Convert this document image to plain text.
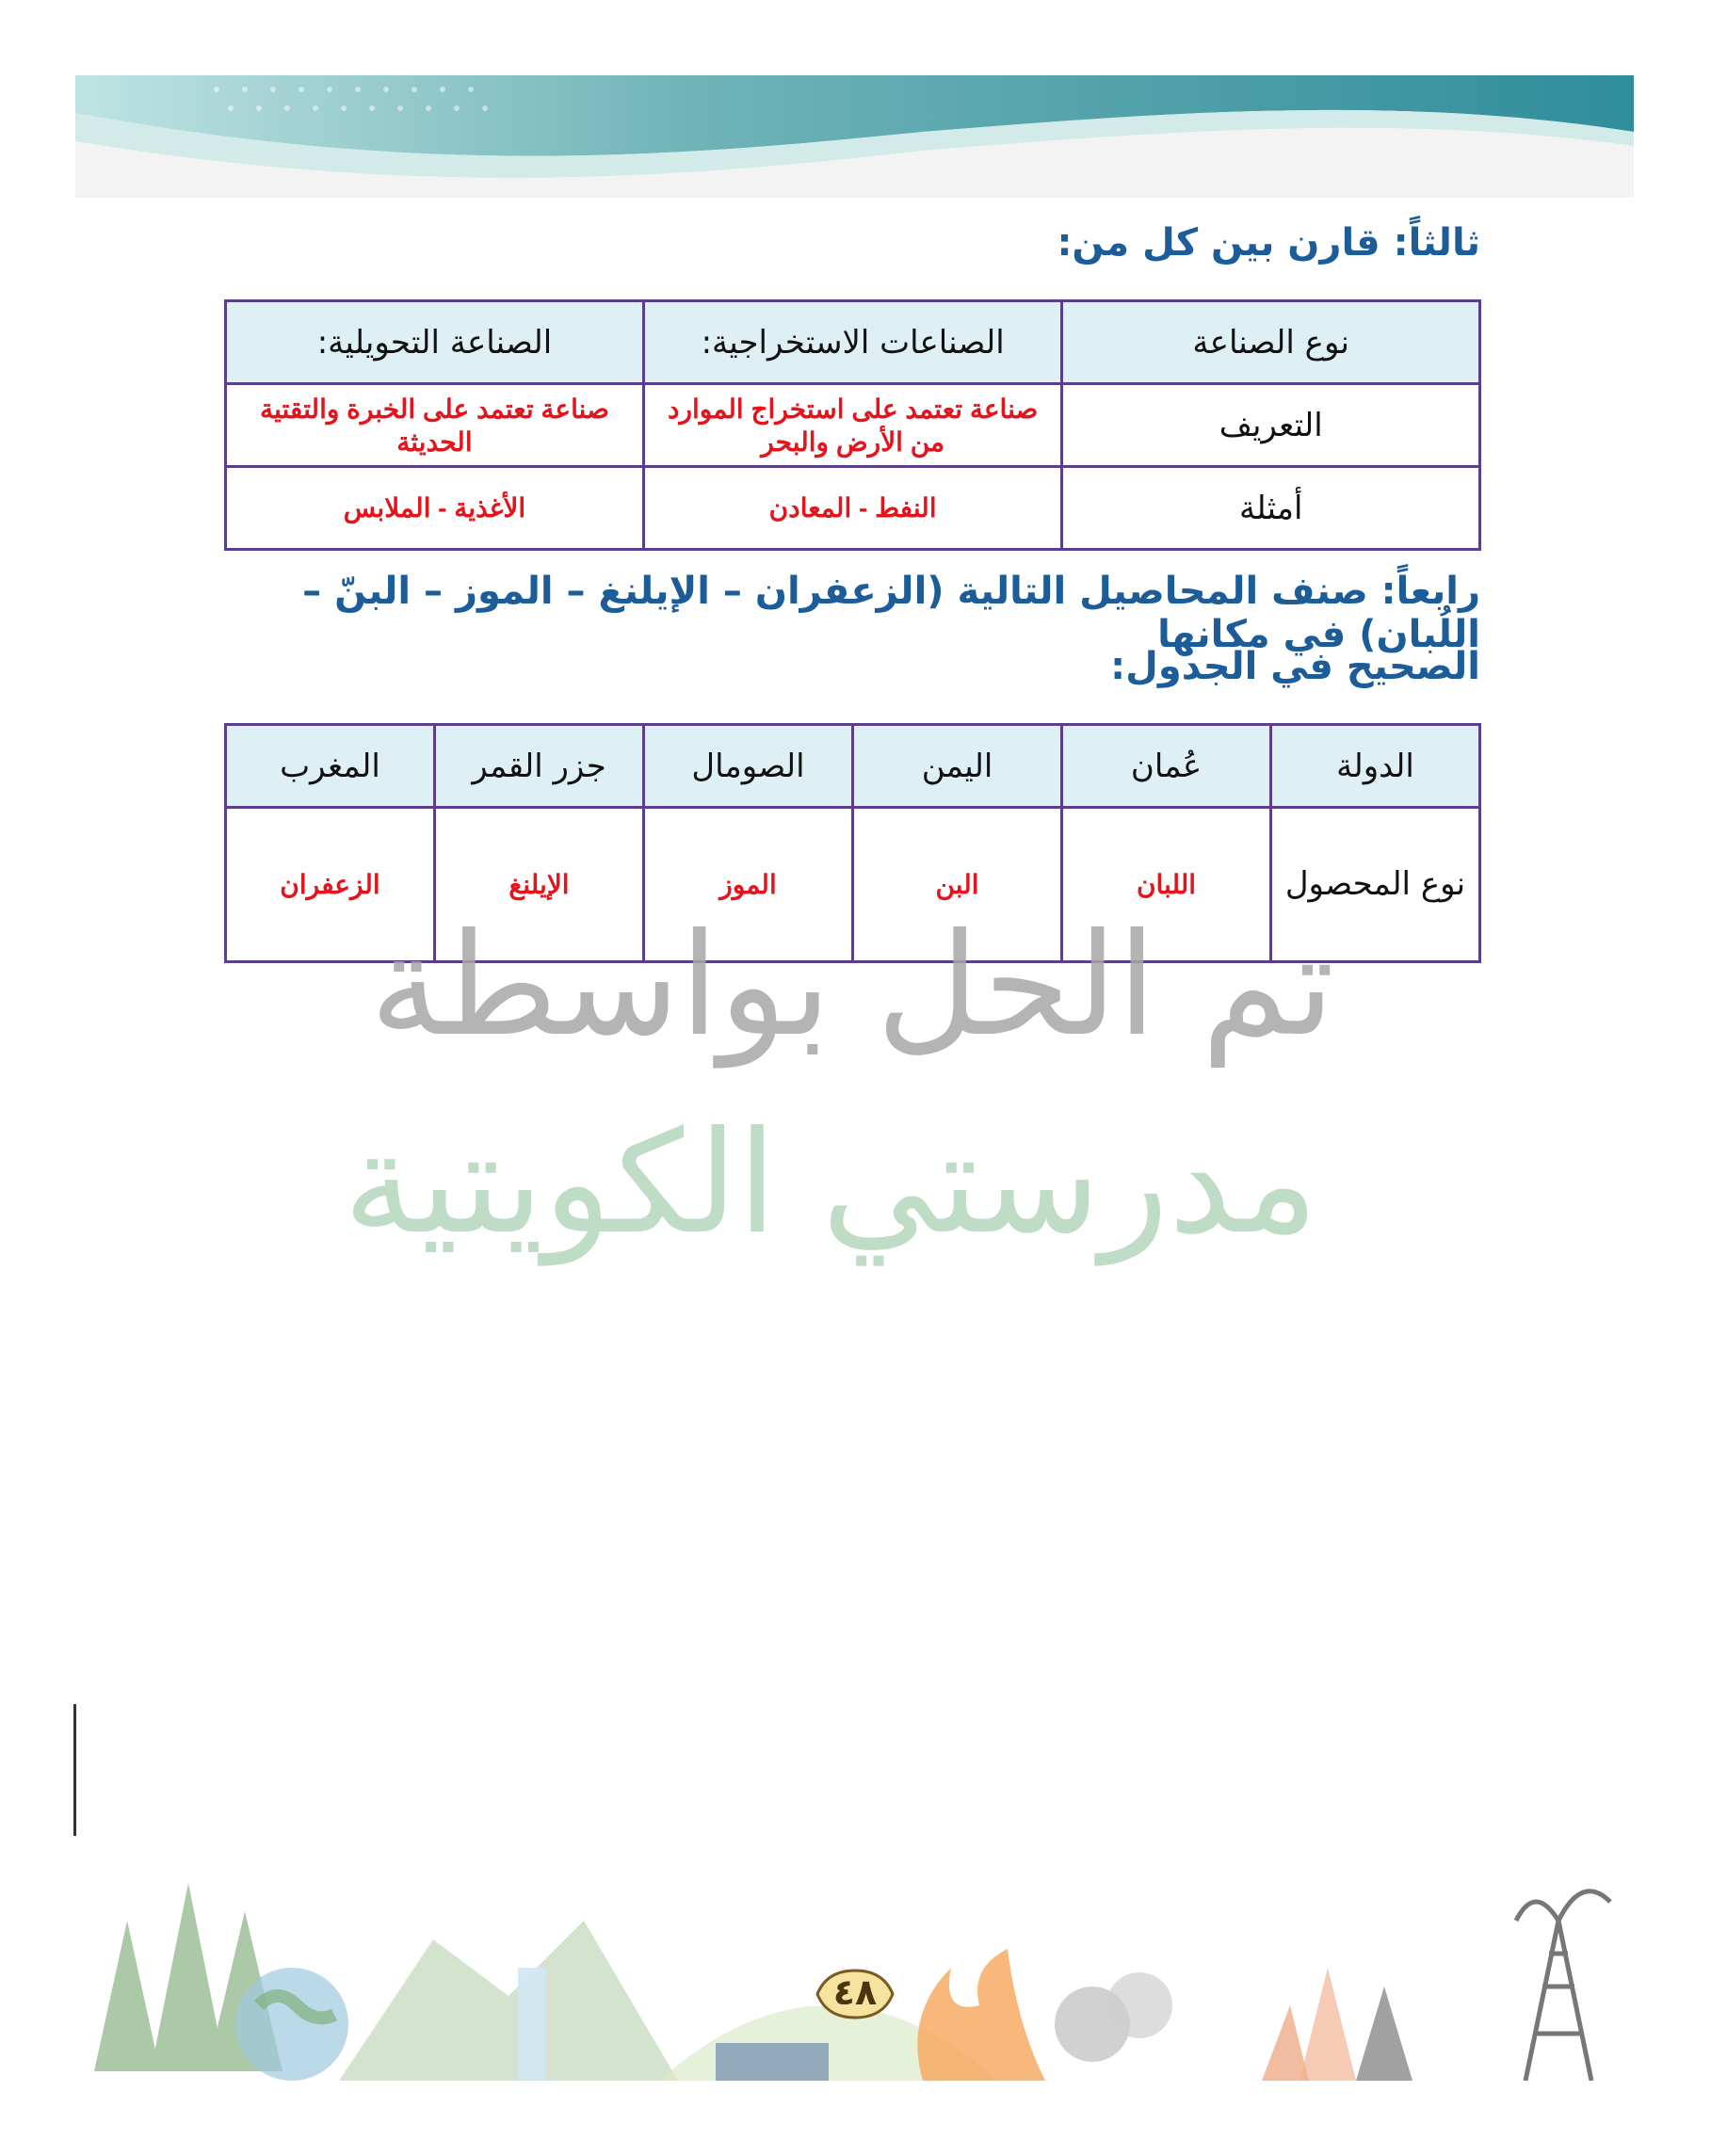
ثالثاً: قارن بين كل من:
نوع الصناعة	الصناعات الاستخراجية:	الصناعة التحويلية:
التعريف	صناعة تعتمد على استخراج الموارد من الأرض والبحر	صناعة تعتمد على الخبرة والتقتية الحديثة

أمثلة	النفط - المعادن	الأغذية - الملابس
رابعاً: صنف المحاصيل التالية (الزعفران – الإيلنغ – الموز – البنّ – اللُبان) في مكانها
الصحيح في الجدول:
الدولة	عُمان	اليمن	الصومال	جزر القمر	المغرب

نوع المحصول	اللبان	البن	الموز	الإيلنغ	الزعفران
تم الحل بواسطة
مدرستي الكويتية
٤٨
